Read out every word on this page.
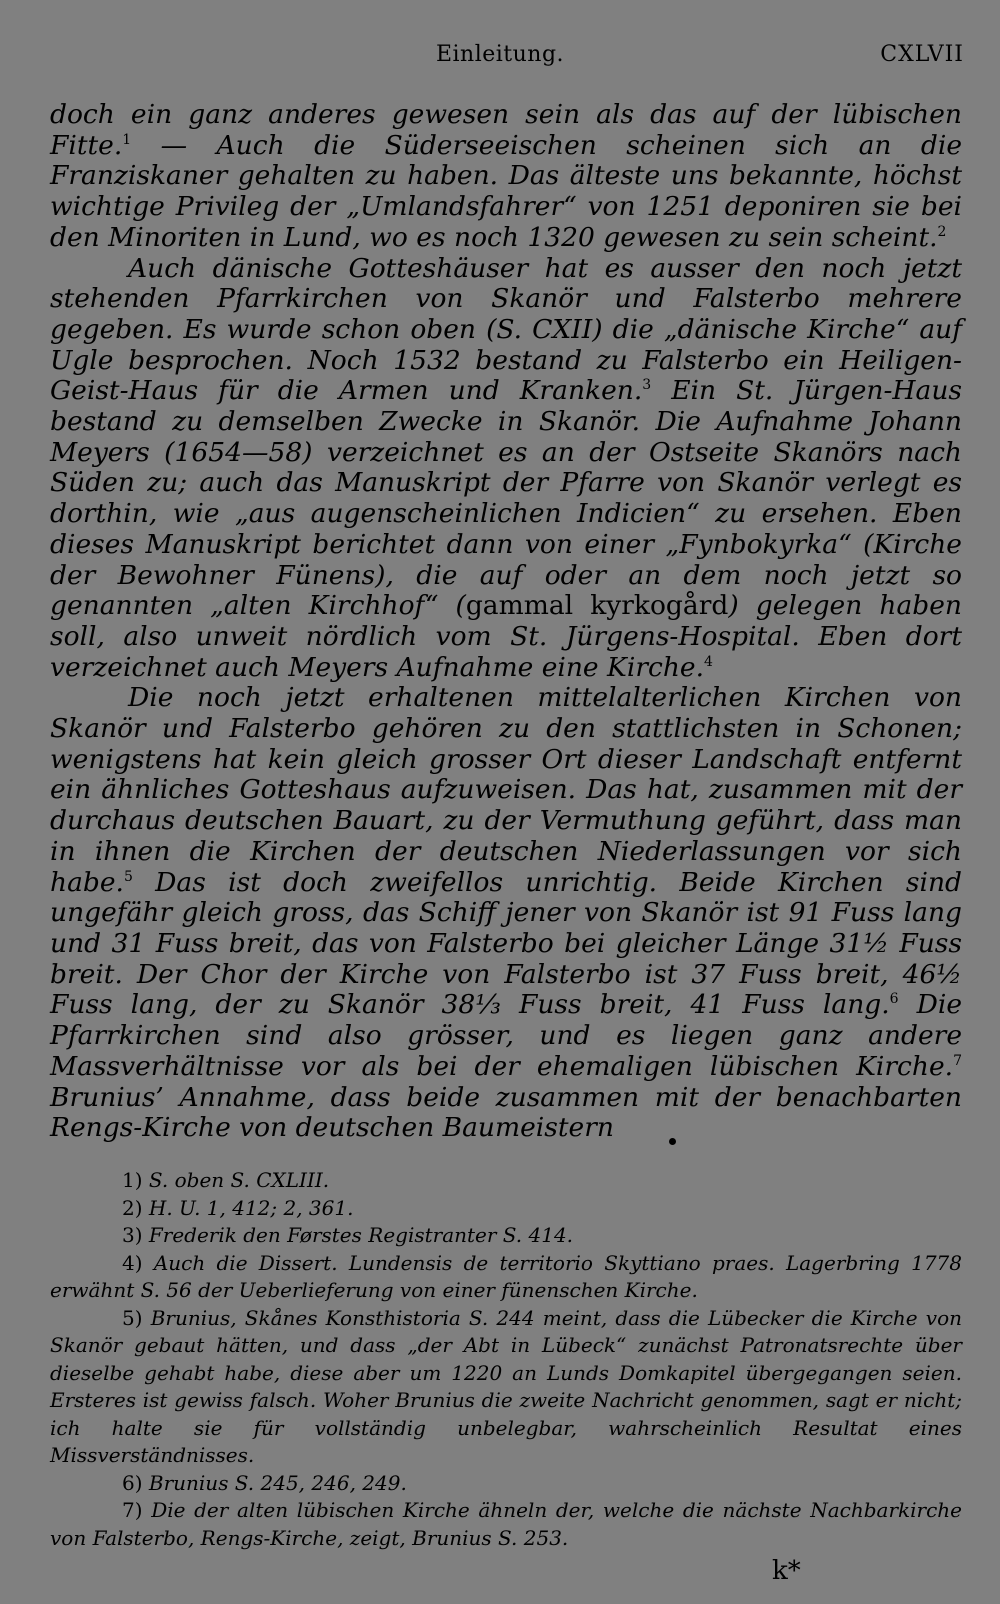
Einleitung.	CXLVII

doch ein ganz anderes gewesen sein als das auf der lübischen Fitte.$^1$ — Auch die Süderseeischen scheinen sich an die Franziskaner gehalten zu haben. Das älteste uns bekannte, höchst wichtige Privileg der „Umlandsfahrer“ von 1251 deponiren sie bei den Minoriten in Lund, wo es noch 1320 gewesen zu sein scheint.$^2$

Auch dänische Gotteshäuser hat es ausser den noch jetzt stehenden Pfarrkirchen von Skanör und Falsterbo mehrere gegeben. Es wurde schon oben (S. CXII) die „dänische Kirche“ auf Ugle besprochen. Noch 1532 bestand zu Falsterbo ein Heiligen-Geist-Haus für die Armen und Kranken.$^3$ Ein St. Jürgen-Haus bestand zu demselben Zwecke in Skanör. Die Aufnahme Johann Meyers (1654—58) verzeichnet es an der Ostseite Skanörs nach Süden zu; auch das Manuskript der Pfarre von Skanör verlegt es dorthin, wie „aus augenscheinlichen Indicien“ zu ersehen. Eben dieses Manuskript berichtet dann von einer „Fynbokyrka“ (Kirche der Bewohner Fünens), die auf oder an dem noch jetzt so genannten „alten Kirchhof“ (gammal kyrkogård) gelegen haben soll, also unweit nördlich vom St. Jürgens-Hospital. Eben dort verzeichnet auch Meyers Aufnahme eine Kirche.$^4$

Die noch jetzt erhaltenen mittelalterlichen Kirchen von Skanör und Falsterbo gehören zu den stattlichsten in Schonen; wenigstens hat kein gleich grosser Ort dieser Landschaft entfernt ein ähnliches Gotteshaus aufzuweisen. Das hat, zusammen mit der durchaus deutschen Bauart, zu der Vermuthung geführt, dass man in ihnen die Kirchen der deutschen Niederlassungen vor sich habe.$^5$ Das ist doch zweifellos unrichtig. Beide Kirchen sind ungefähr gleich gross, das Schiff jener von Skanör ist 91 Fuss lang und 31 Fuss breit, das von Falsterbo bei gleicher Länge 31½ Fuss breit. Der Chor der Kirche von Falsterbo ist 37 Fuss breit, 46½ Fuss lang, der zu Skanör 38⅓ Fuss breit, 41 Fuss lang.$^6$ Die Pfarrkirchen sind also grösser, und es liegen ganz andere Massverhältnisse vor als bei der ehemaligen lübischen Kirche.$^7$ Brunius’ Annahme, dass beide zusammen mit der benachbarten Rengs-Kirche von deutschen Baumeistern

1) S. oben S. CXLIII.

2) H. U. 1, 412; 2, 361.

3) Frederik den Førstes Registranter S. 414.

4) Auch die Dissert. Lundensis de territorio Skyttiano praes. Lagerbring 1778 erwähnt S. 56 der Ueberlieferung von einer fünenschen Kirche.

5) Brunius, Skånes Konsthistoria S. 244 meint, dass die Lübecker die Kirche von Skanör gebaut hätten, und dass „der Abt in Lübeck“ zunächst Patronatsrechte über dieselbe gehabt habe, diese aber um 1220 an Lunds Domkapitel übergegangen seien. Ersteres ist gewiss falsch. Woher Brunius die zweite Nachricht genommen, sagt er nicht; ich halte sie für vollständig unbelegbar, wahrscheinlich Resultat eines Missverständnisses.

6) Brunius S. 245, 246, 249.

7) Die der alten lübischen Kirche ähneln der, welche die nächste Nachbarkirche von Falsterbo, Rengs-Kirche, zeigt, Brunius S. 253.

k*
